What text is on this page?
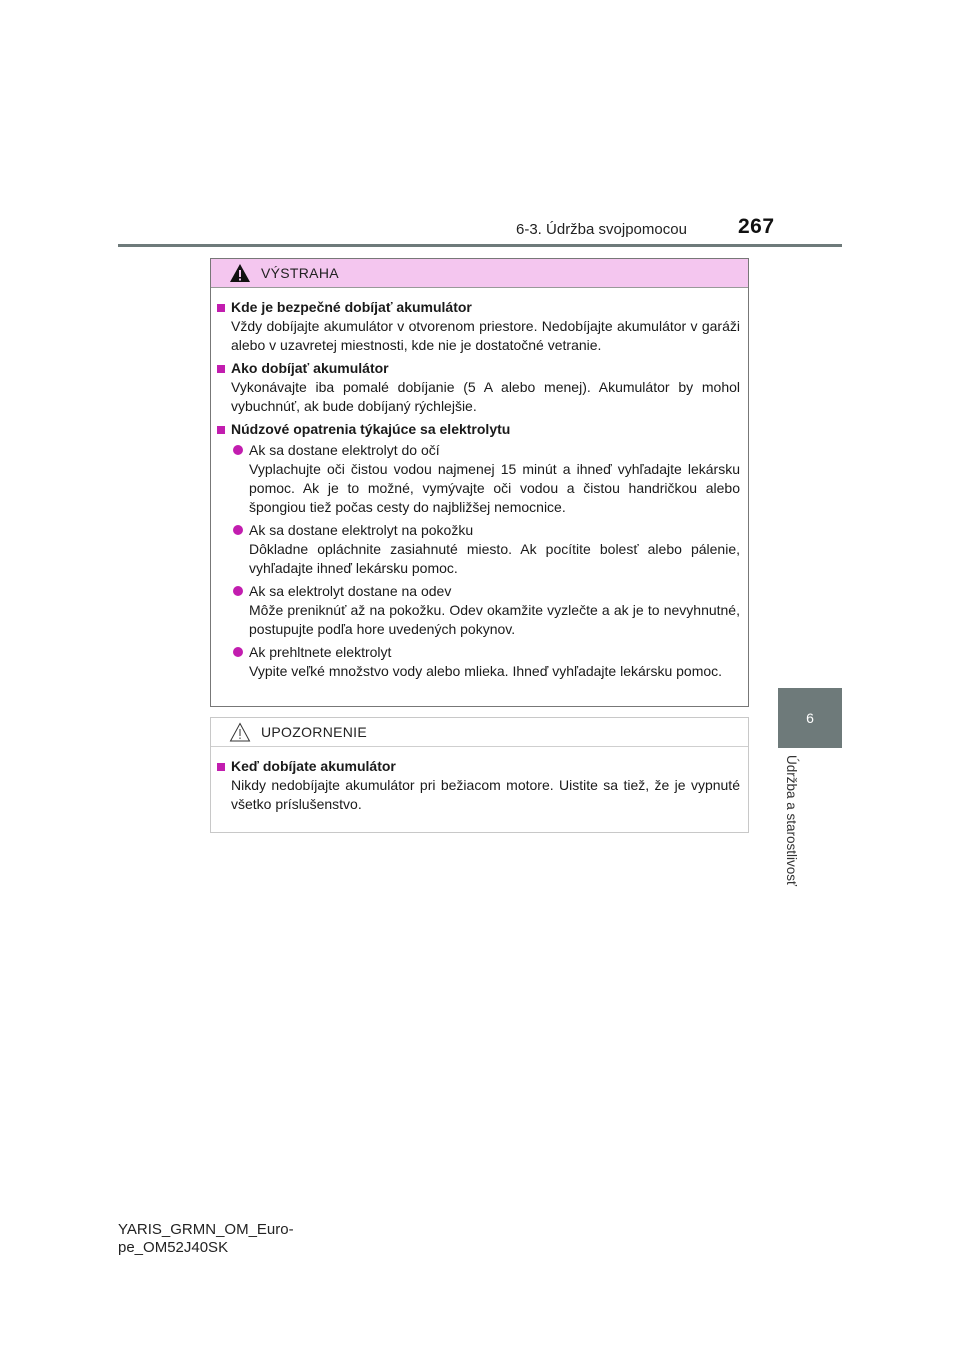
6-3. Údržba svojpomocou 267
6
Údržba a starostlivosť
VÝSTRAHA
Kde je bezpečné dobíjať akumulátor
Vždy dobíjajte akumulátor v otvorenom priestore. Nedobíjajte akumulátor v garáži alebo v uzavretej miestnosti, kde nie je dostatočné vetranie.
Ako dobíjať akumulátor
Vykonávajte iba pomalé dobíjanie (5 A alebo menej). Akumulátor by mohol vybuchnúť, ak bude dobíjaný rýchlejšie.
Núdzové opatrenia týkajúce sa elektrolytu
Ak sa dostane elektrolyt do očí
Vyplachujte oči čistou vodou najmenej 15 minút a ihneď vyhľadajte lekársku pomoc. Ak je to možné, vymývajte oči vodou a čistou handričkou alebo špongiou tiež počas cesty do najbližšej nemocnice.
Ak sa dostane elektrolyt na pokožku
Dôkladne opláchnite zasiahnuté miesto. Ak pocítite bolesť alebo pálenie, vyhľadajte ihneď lekársku pomoc.
Ak sa elektrolyt dostane na odev
Môže preniknúť až na pokožku. Odev okamžite vyzlečte a ak je to nevyhnutné, postupujte podľa hore uvedených pokynov.
Ak prehltnete elektrolyt
Vypite veľké množstvo vody alebo mlieka. Ihneď vyhľadajte lekársku pomoc.
UPOZORNENIE
Keď dobíjate akumulátor
Nikdy nedobíjajte akumulátor pri bežiacom motore. Uistite sa tiež, že je vypnuté všetko príslušenstvo.
YARIS_GRMN_OM_Euro-
pe_OM52J40SK
